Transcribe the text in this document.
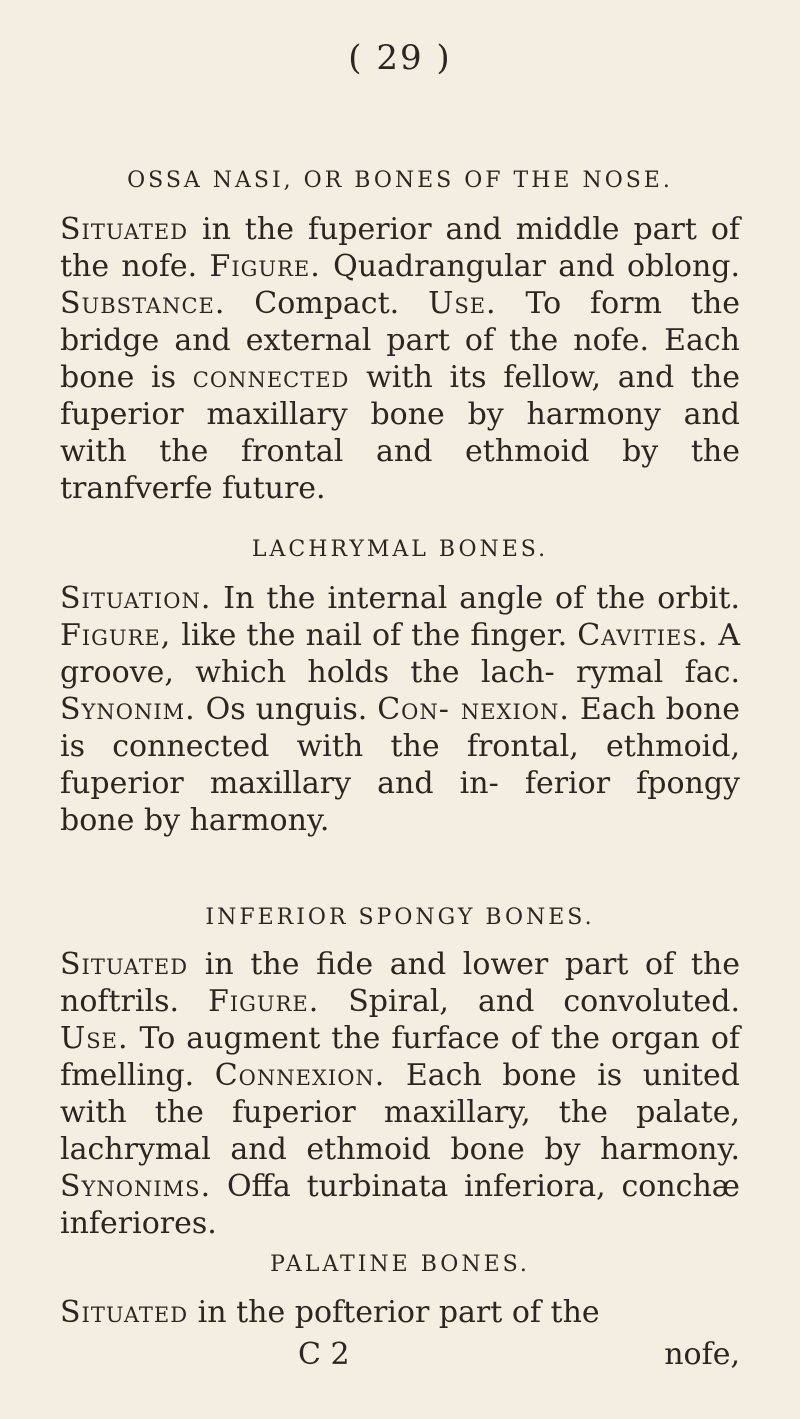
( 29 )
OSSA NASI, OR BONES OF THE NOSE.
Situated in the fuperior and middle part of the nofe. Figure. Quadrangular and oblong. Substance. Compact. Use. To form the bridge and external part of the nofe. Each bone is connected with its fellow, and the fuperior maxillary bone by harmony and with the frontal and ethmoid by the tranfverfe future.
LACHRYMAL BONES.
Situation. In the internal angle of the orbit. Figure, like the nail of the finger. Cavities. A groove, which holds the lach- rymal fac. Synonim. Os unguis. Con- nexion. Each bone is connected with the frontal, ethmoid, fuperior maxillary and in- ferior fpongy bone by harmony.
INFERIOR SPONGY BONES.
Situated in the fide and lower part of the noftrils. Figure. Spiral, and convoluted. Use. To augment the furface of the organ of fmelling. Connexion. Each bone is united with the fuperior maxillary, the palate, lachrymal and ethmoid bone by harmony. Synonims. Offa turbinata inferiora, conchæ inferiores.
PALATINE BONES.
Situated in the pofterior part of the
C 2	nofe,
